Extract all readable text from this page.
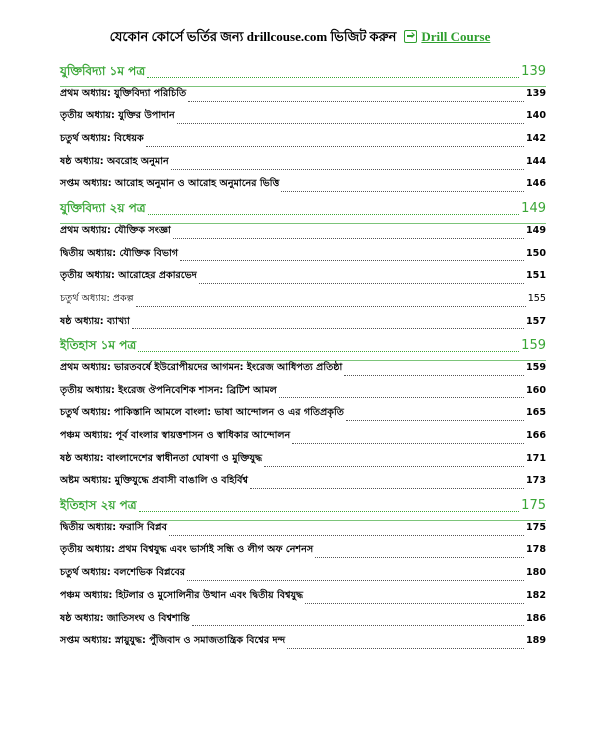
যেকোন কোর্সে ভর্তির জন্য drillcouse.com ভিজিট করুন Drill Course
যুক্তিবিদ্যা ১ম পত্র	139
প্রথম অধ্যায়: যুক্তিবিদ্যা পরিচিতি	139
তৃতীয় অধ্যায়: যুক্তির উপাদান	140
চতুর্থ অধ্যায়: বিধেয়ক	142
ষষ্ঠ অধ্যায়: অবরোহ অনুমান	144
সপ্তম অধ্যায়: আরোহ অনুমান ও আরোহ অনুমানের ভিত্তি	146
যুক্তিবিদ্যা ২য় পত্র	149
প্রথম অধ্যায়: যৌক্তিক সংজ্ঞা	149
দ্বিতীয় অধ্যায়: যৌক্তিক বিভাগ	150
তৃতীয় অধ্যায়: আরোহের প্রকারভেদ	151
চতুর্থ অধ্যায়: প্রকল্প	155
ষষ্ঠ অধ্যায়: ব্যাখ্যা	157
ইতিহাস ১ম পত্র	159
প্রথম অধ্যায়: ভারতবর্ষে ইউরোপীয়দের আগমন: ইংরেজ আধিপত্য প্রতিষ্ঠা	159
তৃতীয় অধ্যায়: ইংরেজ ঔপনিবেশিক শাসন: ব্রিটিশ আমল	160
চতুর্থ অধ্যায়: পাকিস্তানি আমলে বাংলা: ভাষা আন্দোলন ও এর গতিপ্রকৃতি	165
পঞ্চম অধ্যায়: পূর্ব বাংলার স্বায়ত্তশাসন ও স্বাধিকার আন্দোলন	166
ষষ্ঠ অধ্যায়: বাংলাদেশের স্বাধীনতা ঘোষণা ও মুক্তিযুদ্ধ	171
অষ্টম অধ্যায়: মুক্তিযুদ্ধে প্রবাসী বাঙালি ও বহির্বিশ্ব	173
ইতিহাস ২য় পত্র	175
দ্বিতীয় অধ্যায়: ফরাসি বিপ্লব	175
তৃতীয় অধ্যায়: প্রথম বিশ্বযুদ্ধ এবং ভার্সাই সন্ধি ও লীগ অফ নেশনস	178
চতুর্থ অধ্যায়: বলশেভিক বিপ্লবের	180
পঞ্চম অধ্যায়: হিটলার ও মুসোলিনীর উত্থান এবং দ্বিতীয় বিশ্বযুদ্ধ	182
ষষ্ঠ অধ্যায়: জাতিসংঘ ও বিশ্বশান্তি	186
সপ্তম অধ্যায়: স্নায়ুযুদ্ধ: পুঁজিবাদ ও সমাজতান্ত্রিক বিশ্বের দন্দ	189
